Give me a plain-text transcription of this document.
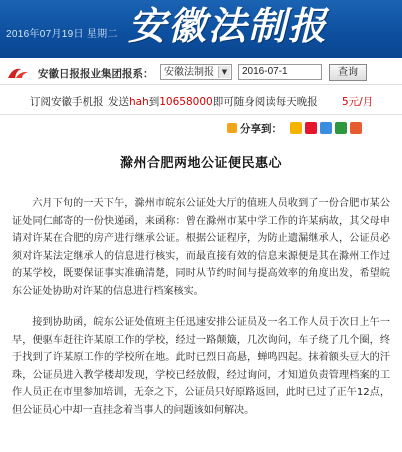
2016年07月19日 星期二 安徽法制报
安徽日报报业集团报系：	安徽法制报	▼	2016-07-1	查询
订阅安徽手机报 发送hah到10658000即可随身阅读每天晚报 5元/月
分享到：
滁州合肥两地公证便民惠心

六月下旬的一天下午，滁州市皖东公证处大厅的值班人员收到了一份合肥市某公证处同仁邮寄的一份快递函，来函称：曾在滁州市某中学工作的许某病故，其父母申请对许某在合肥的房产进行继承公证。根据公证程序，为防止遗漏继承人，公证员必须对许某法定继承人的信息进行核实，而最直接有效的信息来源便是其在滁州工作过的某学校，既要保证事实准确清楚，同时从节约时间与提高效率的角度出发，希望皖东公证处协助对许某的信息进行档案核实。

接到协助函，皖东公证处值班主任迅速安排公证员及一名工作人员于次日上午一早，便驱车赶往许某原工作的学校，经过一路颠簸，几次询问，车子绕了几个圈，终于找到了许某原工作的学校所在地。此时已烈日高悬，蝉鸣四起。抹着额头豆大的汗珠，公证员进入教学楼却发现，学校已经放假，经过询问，才知道负责管理档案的工作人员正在市里参加培训，无奈之下，公证员只好原路返回，此时已过了正午12点，但公证员心中却一直挂念着当事人的问题该如何解决。
